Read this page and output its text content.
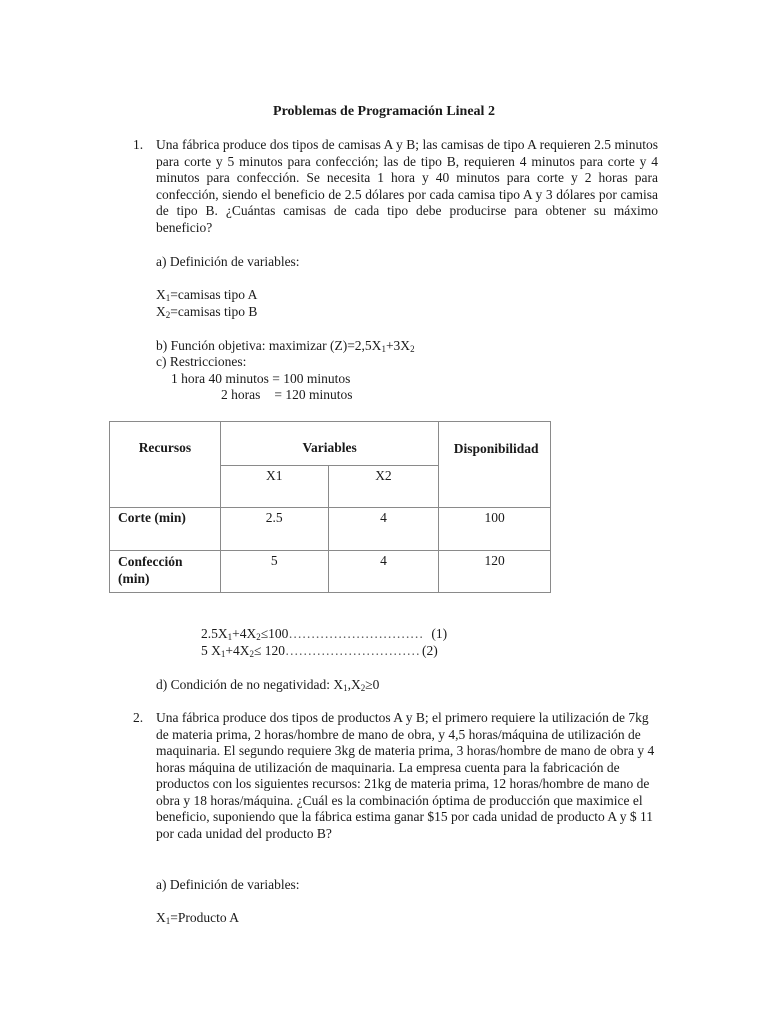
Problemas de Programación Lineal 2
1. Una fábrica produce dos tipos de camisas A y B; las camisas de tipo A requieren 2.5 minutos para corte y 5 minutos para confección; las de tipo B, requieren 4 minutos para corte y 4 minutos para confección. Se necesita 1 hora y 40 minutos para corte y 2 horas para confección, siendo el beneficio de 2.5 dólares por cada camisa tipo A y 3 dólares por camisa de tipo B. ¿Cuántas camisas de cada tipo debe producirse para obtener su máximo beneficio?
a) Definición de variables:
$X_1=camisas$ tipo A
$X_2=camisas$ tipo B
b) Función objetiva: maximizar $(Z)=2,5X_1+3X_2$
c) Restricciones:
1 hora 40 minutos = 100 minutos
2 horas = 120 minutos
Recursos	Variables		Disponibilidad
	X1	X2	
Corte (min)	2.5	4	100
Confección (min)	5	4	120
$2.5X_1+4X_2\le 100\dots\dots\dots\dots\dots\dots\dots\dots\dots\dots$ (1)
5 $X_1+4X_2\le$ 120………………………… (2)
d) Condición de no negatividad: $X_1,X_2\ge 0$
2. Una fábrica produce dos tipos de productos A y B; el primero requiere la utilización de 7kg de materia prima, 2 horas/hombre de mano de obra, y 4,5 horas/máquina de utilización de maquinaria. El segundo requiere 3kg de materia prima, 3 horas/hombre de mano de obra y 4 horas máquina de utilización de maquinaria. La empresa cuenta para la fabricación de productos con los siguientes recursos: 21kg de materia prima, 12 horas/hombre de mano de obra y 18 horas/máquina. ¿Cuál es la combinación óptima de producción que maximice el beneficio, suponiendo que la fábrica estima ganar $15 por cada unidad de producto A y $ 11 por cada unidad del producto B?
a) Definición de variables:
$X_1=Producto$ A
